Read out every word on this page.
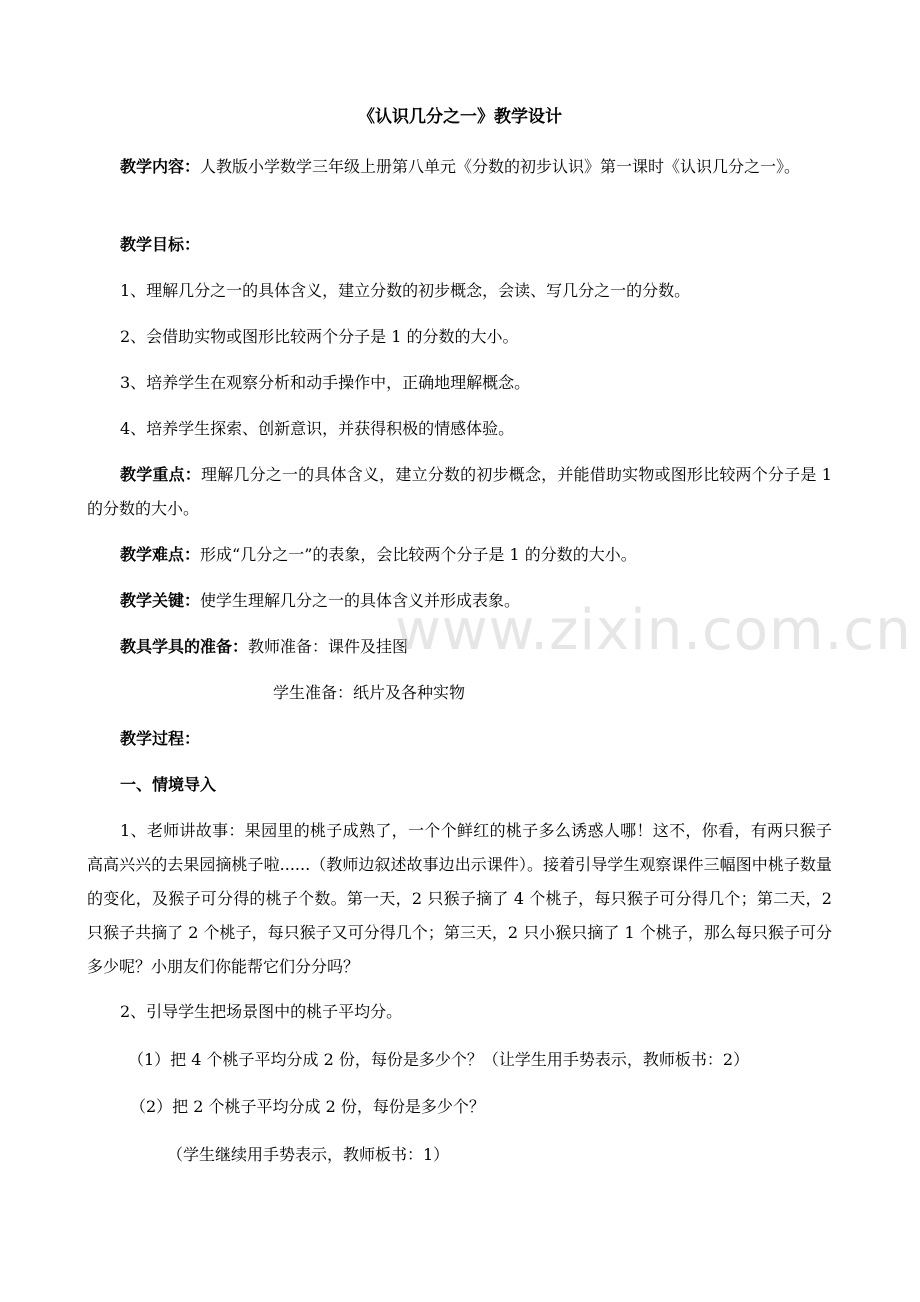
《认识几分之一》教学设计
教学内容：人教版小学数学三年级上册第八单元《分数的初步认识》第一课时《认识几分之一》。
教学目标：
1、理解几分之一的具体含义，建立分数的初步概念，会读、写几分之一的分数。
2、会借助实物或图形比较两个分子是 1 的分数的大小。
3、培养学生在观察分析和动手操作中，正确地理解概念。
4、培养学生探索、创新意识，并获得积极的情感体验。
教学重点：理解几分之一的具体含义，建立分数的初步概念，并能借助实物或图形比较两个分子是 1 的分数的大小。
教学难点：形成“几分之一”的表象，会比较两个分子是 1 的分数的大小。
教学关键：使学生理解几分之一的具体含义并形成表象。
教具学具的准备：教师准备：课件及挂图
学生准备：纸片及各种实物
教学过程：
一、情境导入
1、老师讲故事：果园里的桃子成熟了，一个个鲜红的桃子多么诱惑人哪！这不，你看，有两只猴子高高兴兴的去果园摘桃子啦......（教师边叙述故事边出示课件）。接着引导学生观察课件三幅图中桃子数量的变化，及猴子可分得的桃子个数。第一天，2 只猴子摘了 4 个桃子，每只猴子可分得几个；第二天，2 只猴子共摘了 2 个桃子，每只猴子又可分得几个；第三天，2 只小猴只摘了 1 个桃子，那么每只猴子可分多少呢？小朋友们你能帮它们分分吗？
2、引导学生把场景图中的桃子平均分。
（1）把 4 个桃子平均分成 2 份，每份是多少个？（让学生用手势表示，教师板书：2）
（2）把 2 个桃子平均分成 2 份，每份是多少个？
（学生继续用手势表示，教师板书：1）
www.zixin.com.cn
